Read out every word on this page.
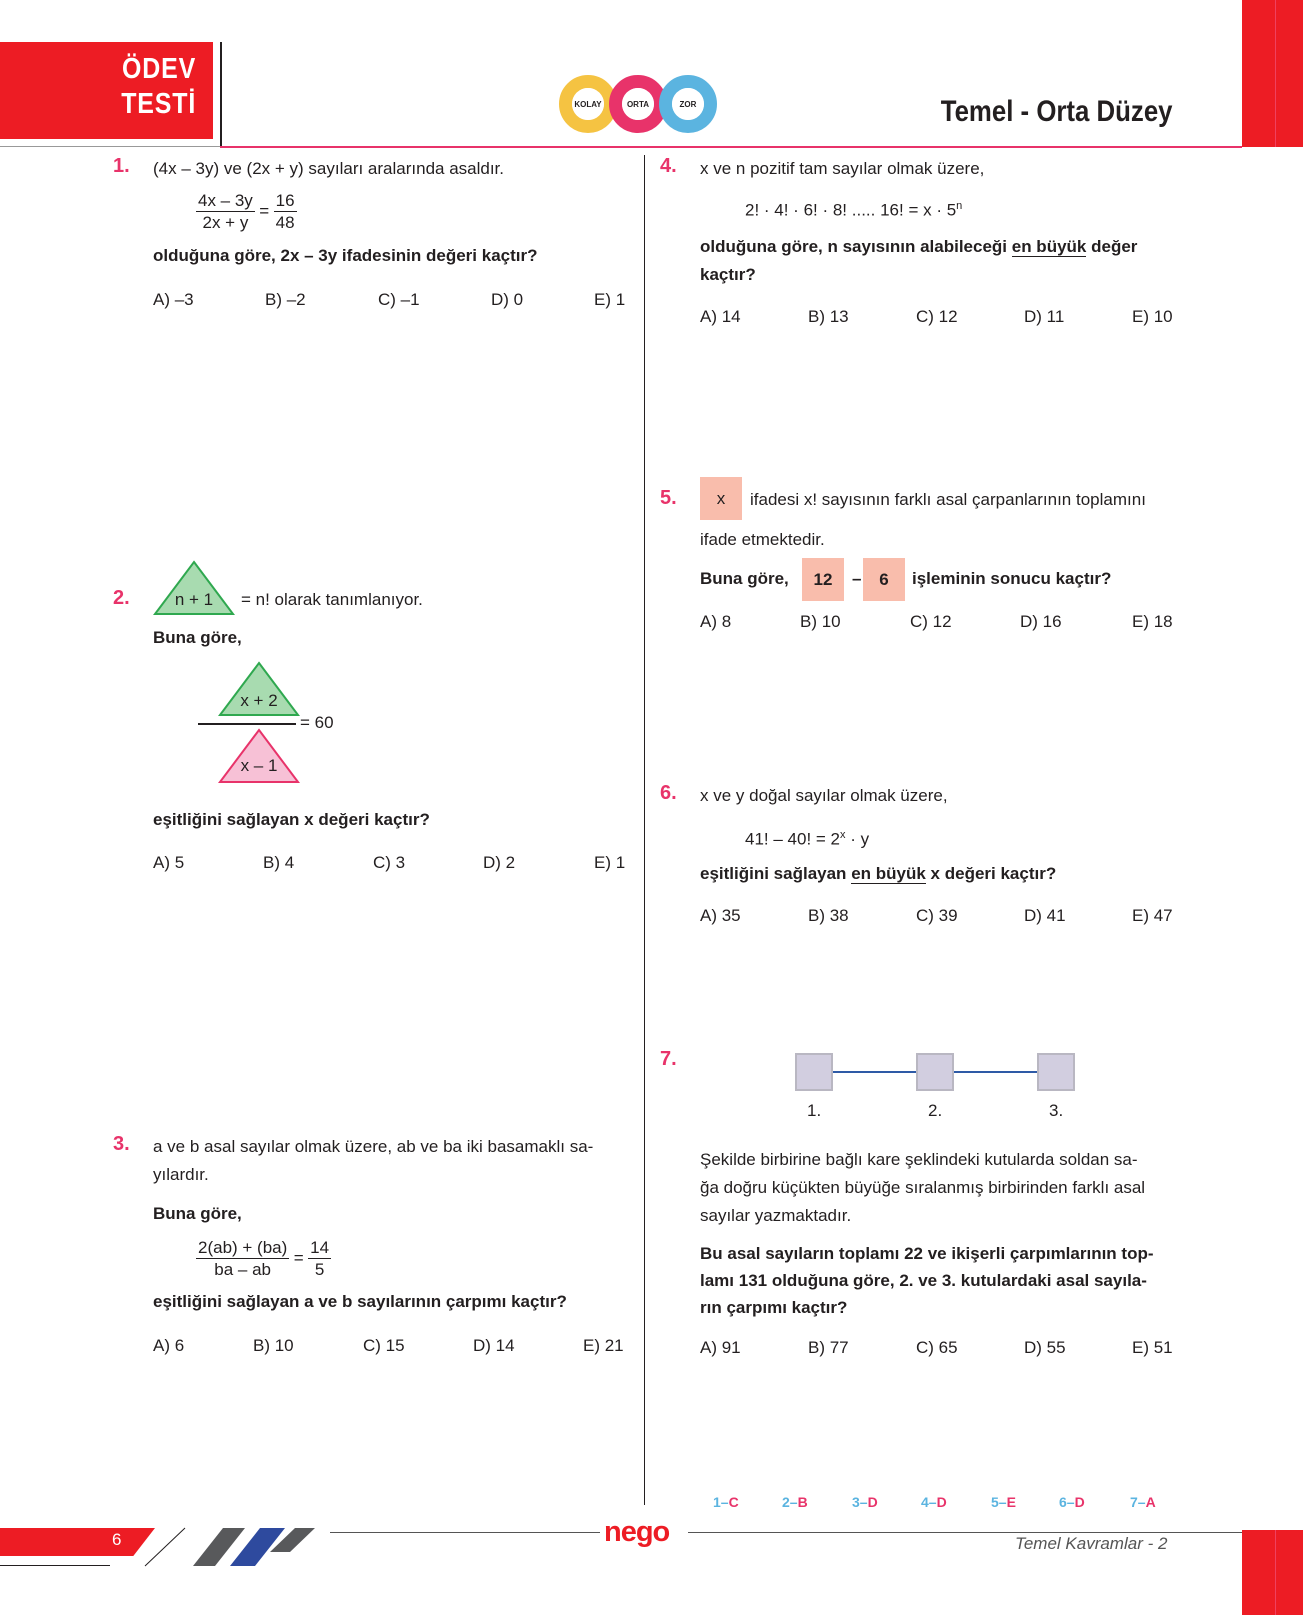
ÖDEV
TESTİ	KOLAY	ORTA	ZOR	Temel - Orta Düzey
1. (4x – 3y) ve (2x + y) sayıları aralarında asaldır.
$\frac{4x - 3y}{2x + y} = \frac{16}{48}$
olduğuna göre, 2x – 3y ifadesinin değeri kaçtır?
A) –3	B) –2	C) –1	D) 0	E) 1
2.	n + 1	= n! olarak tanımlanıyor.
Buna göre,
x + 2
= 60
x – 1
eşitliğini sağlayan x değeri kaçtır?
A) 5	B) 4	C) 3	D) 2	E) 1
3. a ve b asal sayılar olmak üzere, ab ve ba iki basamaklı sa-
yılardır.
Buna göre,
$\frac{2(ab) + (ba)}{ba - ab} = \frac{14}{5}$
eşitliğini sağlayan a ve b sayılarının çarpımı kaçtır?
A) 6	B) 10	C) 15	D) 14	E) 21
4. x ve n pozitif tam sayılar olmak üzere,
2! · 4! · 6! · 8! ..... 16! = $x \cdot 5^n$
olduğuna göre, n sayısının alabileceği en büyük değer
kaçtır?
A) 14	B) 13	C) 12	D) 11	E) 10
5.	x	ifadesi x! sayısının farklı asal çarpanlarının toplamını
ifade etmektedir.
Buna göre,	12	–	6	işleminin sonucu kaçtır?
A) 8	B) 10	C) 12	D) 16	E) 18
6. x ve y doğal sayılar olmak üzere,
41! – 40! = $2^x \cdot y$
eşitliğini sağlayan en büyük x değeri kaçtır?
A) 35	B) 38	C) 39	D) 41	E) 47
7.
1.	2.	3.
Şekilde birbirine bağlı kare şeklindeki kutularda soldan sa-
ğa doğru küçükten büyüğe sıralanmış birbirinden farklı asal
sayılar yazmaktadır.
Bu asal sayıların toplamı 22 ve ikişerli çarpımlarının top-
lamı 131 olduğuna göre, 2. ve 3. kutulardaki asal sayıla-
rın çarpımı kaçtır?
A) 91	B) 77	C) 65	D) 55	E) 51
1–C	2–B	3–D	4–D	5–E	6–D	7–A
6	nego	Temel Kavramlar - 2
